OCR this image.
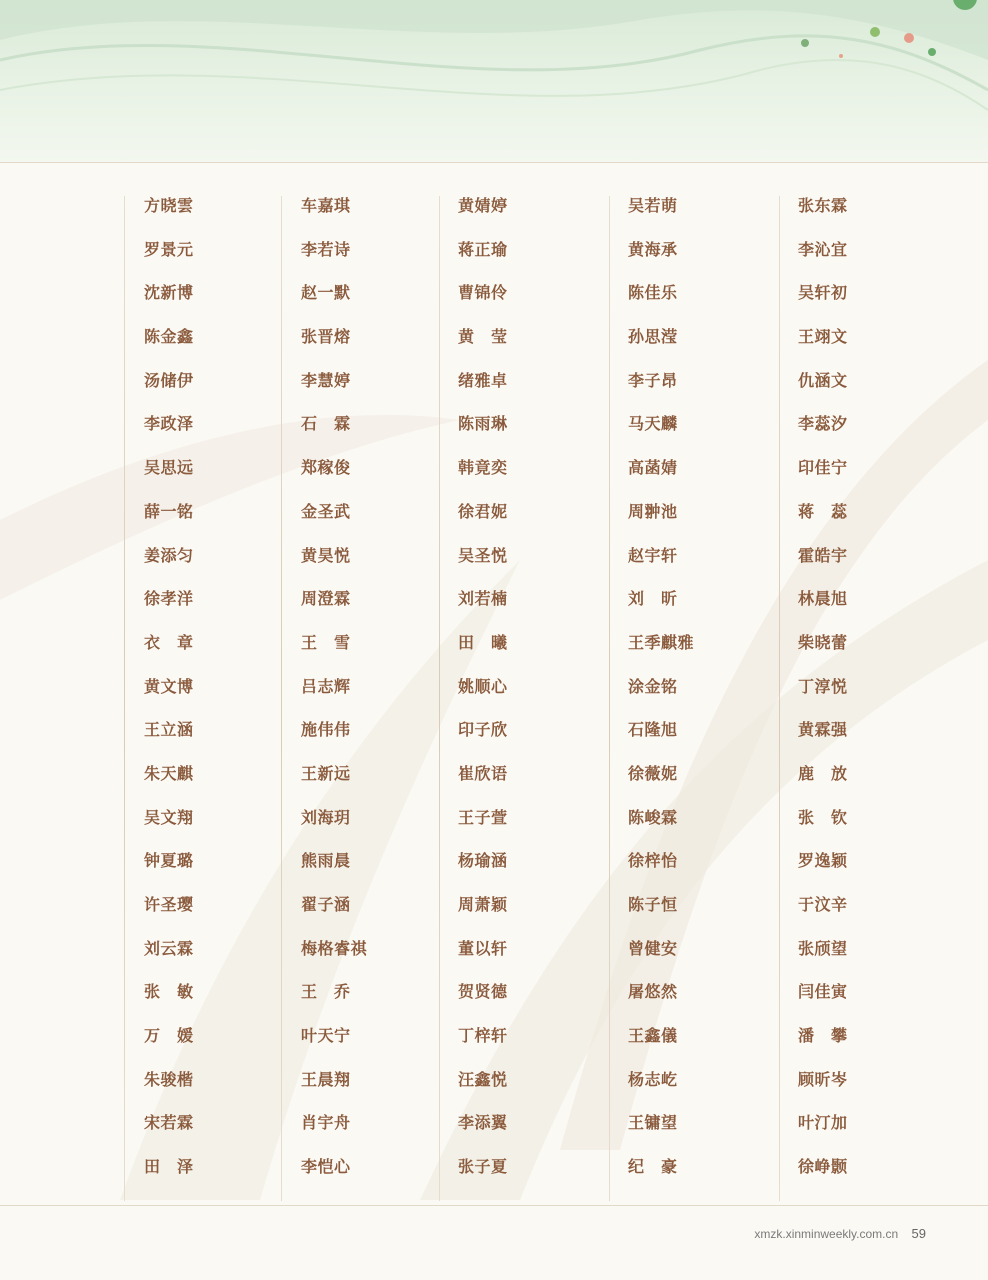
方晓雲
罗景元
沈新博
陈金鑫
汤储伊
李政泽
吴思远
薛一铭
姜添匀
徐孝洋
衣　章
黄文博
王立涵
朱天麒
吴文翔
钟夏璐
许圣璎
刘云霖
张　敏
万　媛
朱骏楷
宋若霖
田　泽
车嘉琪
李若诗
赵一默
张晋熔
李慧婷
石　霖
郑稼俊
金圣武
黄昊悦
周澄霖
王　雪
吕志辉
施伟伟
王新远
刘海玥
熊雨晨
翟子涵
梅格睿祺
王　乔
叶天宁
王晨翔
肖宇舟
李恺心
黄婧婷
蒋正瑜
曹锦伶
黄　莹
绪雅卓
陈雨琳
韩竟奕
徐君妮
吴圣悦
刘若楠
田　曦
姚顺心
印子欣
崔欣语
王子萱
杨瑜涵
周萧颖
董以轩
贺贤德
丁梓轩
汪鑫悦
李添翼
张子夏
吴若萌
黄海承
陈佳乐
孙思滢
李子昂
马天麟
高菡婧
周翀池
赵宇轩
刘　昕
王季麒雅
涂金铭
石隆旭
徐薇妮
陈峻霖
徐梓怡
陈子恒
曾健安
屠悠然
王鑫儀
杨志屹
王镛望
纪　豪
张东霖
李沁宜
吴轩初
王翊文
仇涵文
李蕊汐
印佳宁
蒋　蕊
霍皓宇
林晨旭
柴晓蕾
丁淳悦
黄霖强
鹿　放
张　钦
罗逸颖
于汶辛
张颀望
闫佳寅
潘　攀
顾昕岑
叶汀加
徐峥颢
xmzk.xinminweekly.com.cn 59
